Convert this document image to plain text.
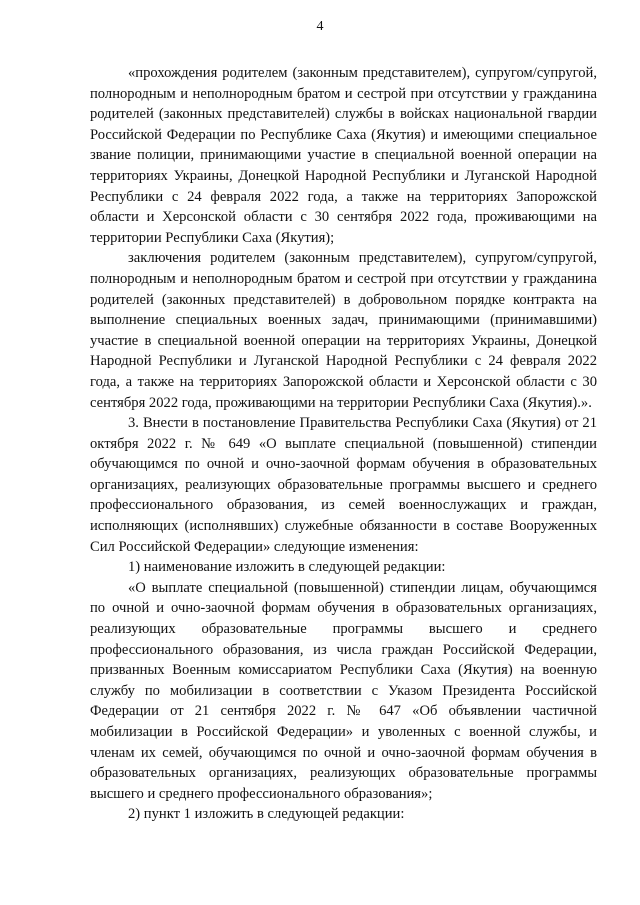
4

«прохождения родителем (законным представителем), супругом/супругой, полнородным и неполнородным братом и сестрой при отсутствии у гражданина родителей (законных представителей) службы в войсках национальной гвардии Российской Федерации по Республике Саха (Якутия) и имеющими специальное звание полиции, принимающими участие в специальной военной операции на территориях Украины, Донецкой Народной Республики и Луганской Народной Республики с 24 февраля 2022 года, а также на территориях Запорожской области и Херсонской области с 30 сентября 2022 года, проживающими на территории Республики Саха (Якутия);

заключения родителем (законным представителем), супругом/супругой, полнородным и неполнородным братом и сестрой при отсутствии у гражданина родителей (законных представителей) в добровольном порядке контракта на выполнение специальных военных задач, принимающими (принимавшими) участие в специальной военной операции на территориях Украины, Донецкой Народной Республики и Луганской Народной Республики с 24 февраля 2022 года, а также на территориях Запорожской области и Херсонской области с 30 сентября 2022 года, проживающими на территории Республики Саха (Якутия).».

3. Внести в постановление Правительства Республики Саха (Якутия) от 21 октября 2022 г. № 649 «О выплате специальной (повышенной) стипендии обучающимся по очной и очно-заочной формам обучения в образовательных организациях, реализующих образовательные программы высшего и среднего профессионального образования, из семей военнослужащих и граждан, исполняющих (исполнявших) служебные обязанности в составе Вооруженных Сил Российской Федерации» следующие изменения:

1) наименование изложить в следующей редакции:

«О выплате специальной (повышенной) стипендии лицам, обучающимся по очной и очно-заочной формам обучения в образовательных организациях, реализующих образовательные программы высшего и среднего профессионального образования, из числа граждан Российской Федерации, призванных Военным комиссариатом Республики Саха (Якутия) на военную службу по мобилизации в соответствии с Указом Президента Российской Федерации от 21 сентября 2022 г. № 647 «Об объявлении частичной мобилизации в Российской Федерации» и уволенных с военной службы, и членам их семей, обучающимся по очной и очно-заочной формам обучения в образовательных организациях, реализующих образовательные программы высшего и среднего профессионального образования»;

2) пункт 1 изложить в следующей редакции:
